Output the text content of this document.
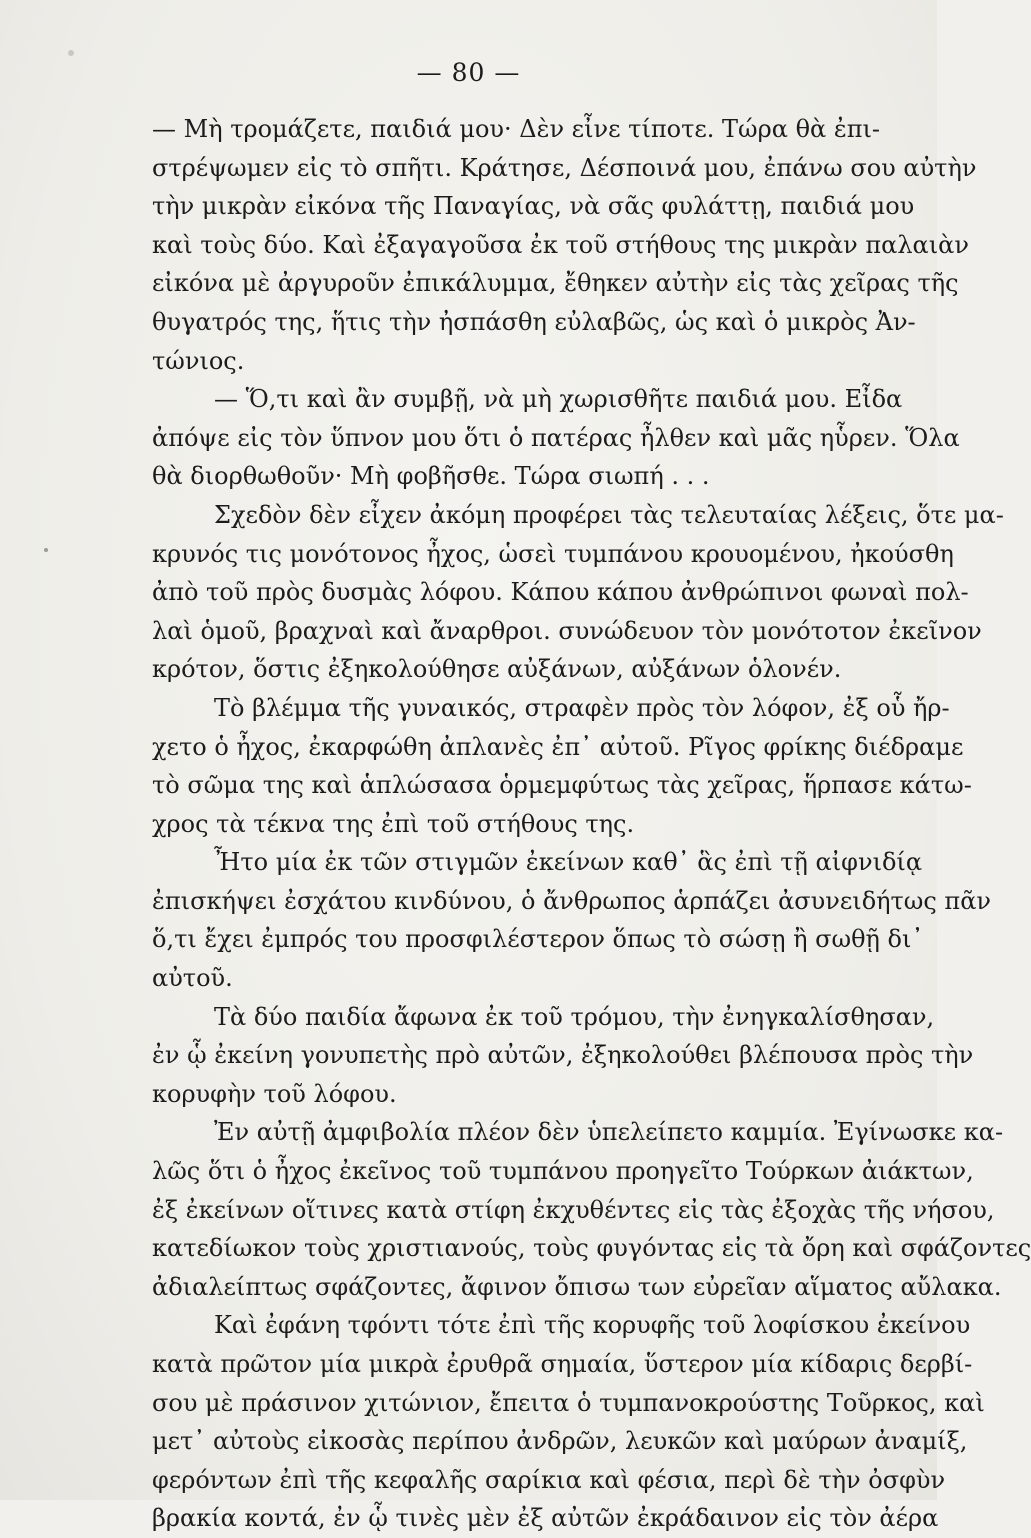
— 80 —
— Μὴ τρομάζετε, παιδιά μου· Δὲν εἶνε τίποτε. Τώρα θὰ ἐπι-
στρέψωμεν εἰς τὸ σπῆτι. Κράτησε, Δέσποινά μου, ἐπάνω σου αὐτὴν
τὴν μικρὰν εἰκόνα τῆς Παναγίας, νὰ σᾶς φυλάττῃ, παιδιά μου
καὶ τοὺς δύο. Καὶ ἐξαγαγοῦσα ἐκ τοῦ στήθους της μικρὰν παλαιὰν
εἰκόνα μὲ ἀργυροῦν ἐπικάλυμμα, ἔθηκεν αὐτὴν εἰς τὰς χεῖρας τῆς
θυγατρός της, ἥτις τὴν ἠσπάσθη εὐλαβῶς, ὡς καὶ ὁ μικρὸς Ἀν-
τώνιος.
— Ὅ,τι καὶ ἂν συμβῇ, νὰ μὴ χωρισθῆτε παιδιά μου. Εἶδα
ἀπόψε εἰς τὸν ὕπνον μου ὅτι ὁ πατέρας ἦλθεν καὶ μᾶς ηὗρεν. Ὅλα
θὰ διορθωθοῦν· Μὴ φοβῆσθε. Τώρα σιωπή . . .
Σχεδὸν δὲν εἶχεν ἀκόμη προφέρει τὰς τελευταίας λέξεις, ὅτε μα-
κρυνός τις μονότονος ἦχος, ὡσεὶ τυμπάνου κρουομένου, ἠκούσθη
ἀπὸ τοῦ πρὸς δυσμὰς λόφου. Κάπου κάπου ἀνθρώπινοι φωναὶ πολ-
λαὶ ὁμοῦ, βραχναὶ καὶ ἄναρθροι. συνώδευον τὸν μονότοτον ἐκεῖνον
κρότον, ὅστις ἐξηκολούθησε αὐξάνων, αὐξάνων ὁλονέν.
Τὸ βλέμμα τῆς γυναικός, στραφὲν πρὸς τὸν λόφον, ἐξ οὗ ἤρ-
χετο ὁ ἦχος, ἐκαρφώθη ἀπλανὲς ἐπ᾽ αὐτοῦ. Ρῖγος φρίκης διέδραμε
τὸ σῶμα της καὶ ἁπλώσασα ὁρμεμφύτως τὰς χεῖρας, ἥρπασε κάτω-
χρος τὰ τέκνα της ἐπὶ τοῦ στήθους της.
Ἦτο μία ἐκ τῶν στιγμῶν ἐκείνων καθ᾽ ἃς ἐπὶ τῇ αἰφνιδίᾳ
ἐπισκήψει ἐσχάτου κινδύνου, ὁ ἄνθρωπος ἁρπάζει ἀσυνειδήτως πᾶν
ὅ,τι ἔχει ἐμπρός του προσφιλέστερον ὅπως τὸ σώσῃ ἢ σωθῇ δι᾽
αὐτοῦ.
Τὰ δύο παιδία ἄφωνα ἐκ τοῦ τρόμου, τὴν ἐνηγκαλίσθησαν,
ἐν ᾧ ἐκείνη γονυπετὴς πρὸ αὐτῶν, ἐξηκολούθει βλέπουσα πρὸς τὴν
κορυφὴν τοῦ λόφου.
Ἐν αὐτῇ ἀμφιβολία πλέον δὲν ὑπελείπετο καμμία. Ἐγίνωσκε κα-
λῶς ὅτι ὁ ἦχος ἐκεῖνος τοῦ τυμπάνου προηγεῖτο Τούρκων ἀιάκτων,
ἐξ ἐκείνων οἵτινες κατὰ στίφη ἐκχυθέντες εἰς τὰς ἐξοχὰς τῆς νήσου,
κατεδίωκον τοὺς χριστιανούς, τοὺς φυγόντας εἰς τὰ ὄρη καὶ σφάζοντες
ἀδιαλείπτως σφάζοντες, ἄφινον ὄπισω των εὐρεῖαν αἵματος αὔλακα.
Καὶ ἐφάνη τφόντι τότε ἐπὶ τῆς κορυφῆς τοῦ λοφίσκου ἐκείνου
κατὰ πρῶτον μία μικρὰ ἐρυθρᾶ σημαία, ὕστερον μία κίδαρις δερβί-
σου μὲ πράσινον χιτώνιον, ἔπειτα ὁ τυμπανοκρούστης Τοῦρκος, καὶ
μετ᾽ αὐτοὺς εἰκοσὰς περίπου ἀνδρῶν, λευκῶν καὶ μαύρων ἀναμίξ,
φερόντων ἐπὶ τῆς κεφαλῆς σαρίκια καὶ φέσια, περὶ δὲ τὴν ὀσφὺν
βρακία κοντά, ἐν ᾧ τινὲς μὲν ἐξ αὐτῶν ἐκράδαινον εἰς τὸν ἀέρα
